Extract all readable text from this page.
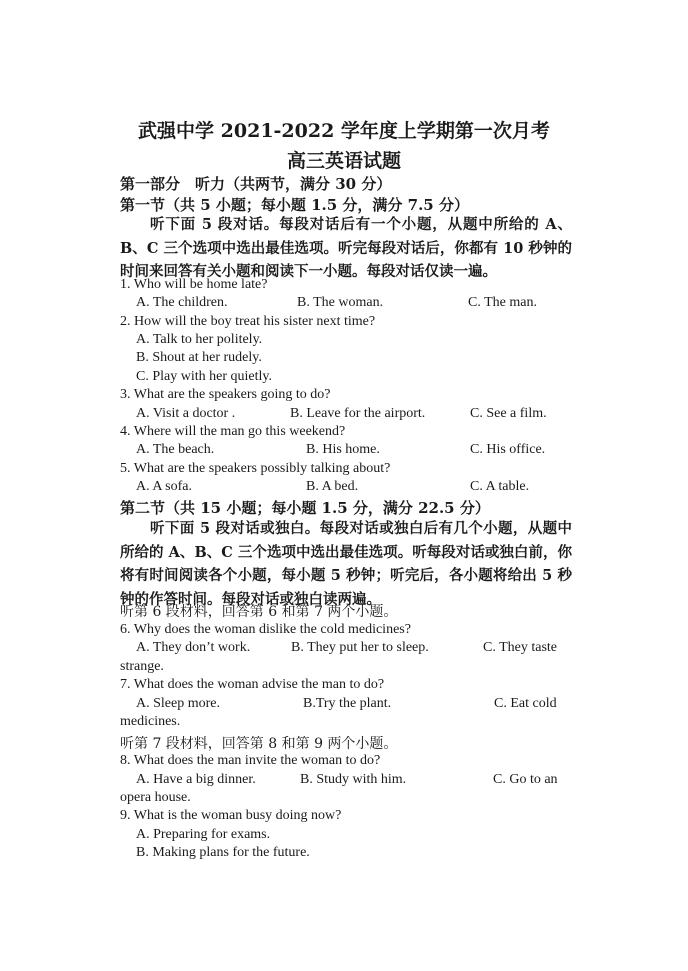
武强中学 2021-2022 学年度上学期第一次月考
高三英语试题
第一部分　听力（共两节，满分 30 分）
第一节（共 5 小题；每小题 1.5 分，满分 7.5 分）

听下面 5 段对话。每段对话后有一个小题，从题中所给的 A、B、C 三个选项中选出最佳选项。听完每段对话后，你都有 10 秒钟的时间来回答有关小题和阅读下一小题。每段对话仅读一遍。

1. Who will be home late?
A. The children.	B. The woman.	C. The man.
2. How will the boy treat his sister next time?
A. Talk to her politely.
B. Shout at her rudely.
C. Play with her quietly.
3. What are the speakers going to do?
A. Visit a doctor .	B. Leave for the airport.	C. See a film.
4. Where will the man go this weekend?
A. The beach.	B. His home.	C. His office.
5. What are the speakers possibly talking about?
A. A sofa.	B. A bed.	C. A table.
第二节（共 15 小题；每小题 1.5 分，满分 22.5 分）

听下面 5 段对话或独白。每段对话或独白后有几个小题，从题中所给的 A、B、C 三个选项中选出最佳选项。听每段对话或独白前，你将有时间阅读各个小题，每小题 5 秒钟；听完后，各小题将给出 5 秒钟的作答时间。每段对话或独白读两遍。

听第 6 段材料，回答第 6 和第 7 两个小题。
6. Why does the woman dislike the cold medicines?
A. They don’t work.	B. They put her to sleep.	C. They taste
strange.
7. What does the woman advise the man to do?
A. Sleep more.	B.Try the plant.	C. Eat cold
medicines.
听第 7 段材料，回答第 8 和第 9 两个小题。
8. What does the man invite the woman to do?
A. Have a big dinner.	B. Study with him.	C. Go to an
opera house.
9. What is the woman busy doing now?
A. Preparing for exams.
B. Making plans for the future.
